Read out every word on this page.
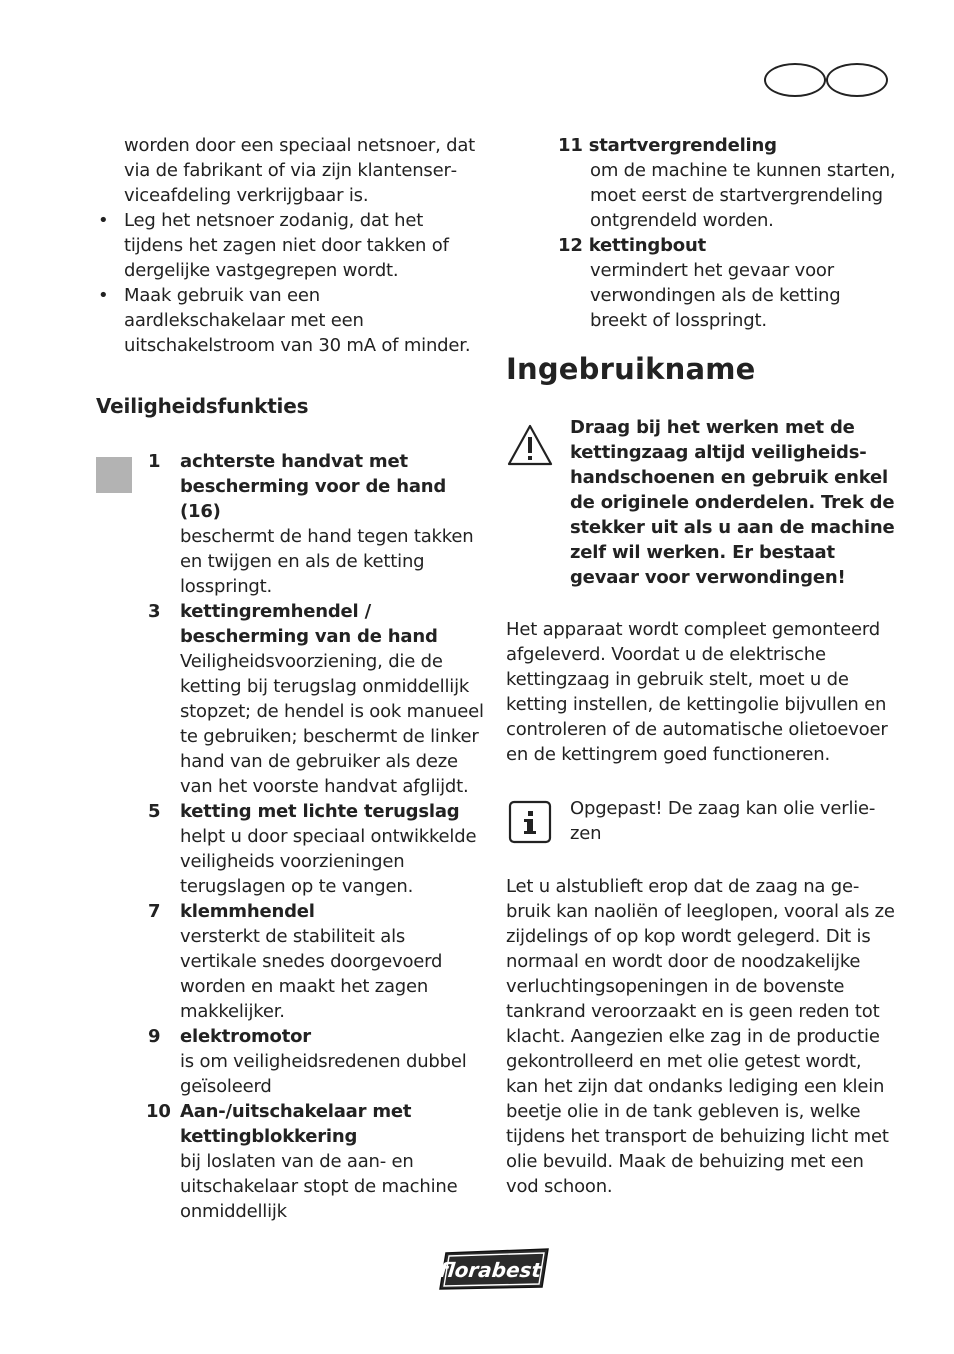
worden door een speciaal netsnoer, dat via de fabrikant of via zijn klantenserviceafdeling verkrijgbaar is.
• Leg het netsnoer zodanig, dat het tijdens het zagen niet door takken of dergelijke vastgegrepen wordt.
• Maak gebruik van een aardlekschakelaar met een uitschakelstroom van 30 mA of minder.
Veiligheidsfunkties
1	achterste handvat met bescherming voor de hand (16)
beschermt de hand tegen takken en twijgen en als de ketting losspringt.
3	kettingremhendel / bescherming van de hand
Veiligheidsvoorziening, die de ketting bij terugslag onmiddellijk stopzet; de hendel is ook manueel te gebruiken; beschermt de linker hand van de gebruiker als deze van het voorste handvat afglijdt.
5	ketting met lichte terugslag
helpt u door speciaal ontwikkelde veiligheids voorzieningen terugslagen op te vangen.
7	klemmhendel
versterkt de stabiliteit als vertikale snedes doorgevoerd worden en maakt het zagen makkelijker.
9	elektromotor
is om veiligheidsredenen dubbel geïsoleerd
10 Aan-/uitschakelaar met kettingblokkering
bij loslaten van de aan- en uitschakelaar stopt de machine onmiddellijk
11 startvergrendeling
om de machine te kunnen starten, moet eerst de startvergrendeling ontgrendeld worden.
12 kettingbout
vermindert het gevaar voor verwondingen als de ketting breekt of losspringt.
Ingebruikname
Draag bij het werken met de kettingzaag altijd veiligheidshandschoenen en gebruik enkel de originele onderdelen. Trek de stekker uit als u aan de machine zelf wil werken. Er bestaat gevaar voor verwondingen!
Het apparaat wordt compleet gemonteerd afgeleverd. Voordat u de elektrische kettingzaag in gebruik stelt, moet u de ketting instellen, de kettingolie bijvullen en controleren of de automatische olietoevoer en de kettingrem goed functioneren.
Opgepast! De zaag kan olie verliezen
Let u alstublieft erop dat de zaag na gebruik kan naoliën of leeglopen, vooral als ze zijdelings of op kop wordt gelegerd. Dit is normaal en wordt door de noodzakelijke verluchtingsopeningen in de bovenste tankrand veroorzaakt en is geen reden tot klacht. Aangezien elke zag in de productie gekontrolleerd en met olie getest wordt, kan het zijn dat ondanks lediging een klein beetje olie in de tank gebleven is, welke tijdens het transport de behuizing licht met olie bevuild. Maak de behuizing met een vod schoon.
florabest
